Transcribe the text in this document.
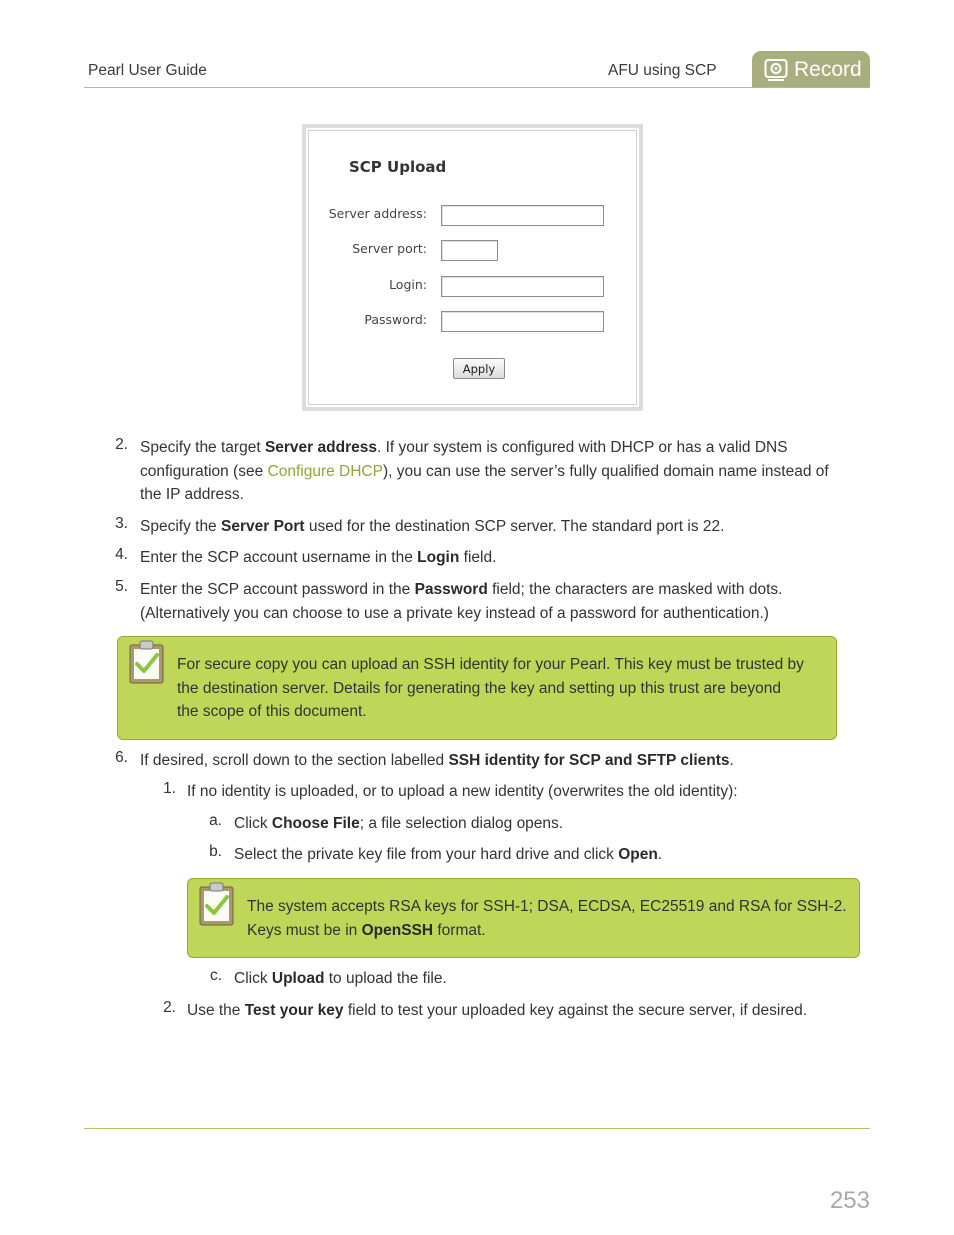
Pearl User Guide	AFU using SCP	Record
SCP Upload
Server address:
Server port:
Login:
Password:
Apply
2. Specify the target Server address. If your system is configured with DHCP or has a valid DNS
configuration (see Configure DHCP), you can use the server’s fully qualified domain name instead of
the IP address.
3. Specify the Server Port used for the destination SCP server. The standard port is 22.
4. Enter the SCP account username in the Login field.
5. Enter the SCP account password in the Password field; the characters are masked with dots.
(Alternatively you can choose to use a private key instead of a password for authentication.)
For secure copy you can upload an SSH identity for your Pearl. This key must be trusted by
the destination server. Details for generating the key and setting up this trust are beyond
the scope of this document.
6. If desired, scroll down to the section labelled SSH identity for SCP and SFTP clients.
1. If no identity is uploaded, or to upload a new identity (overwrites the old identity):
a. Click Choose File; a file selection dialog opens.
b. Select the private key file from your hard drive and click Open.
The system accepts RSA keys for SSH-1; DSA, ECDSA, EC25519 and RSA for SSH-2.
Keys must be in OpenSSH format.
c. Click Upload to upload the file.
2. Use the Test your key field to test your uploaded key against the secure server, if desired.
253
